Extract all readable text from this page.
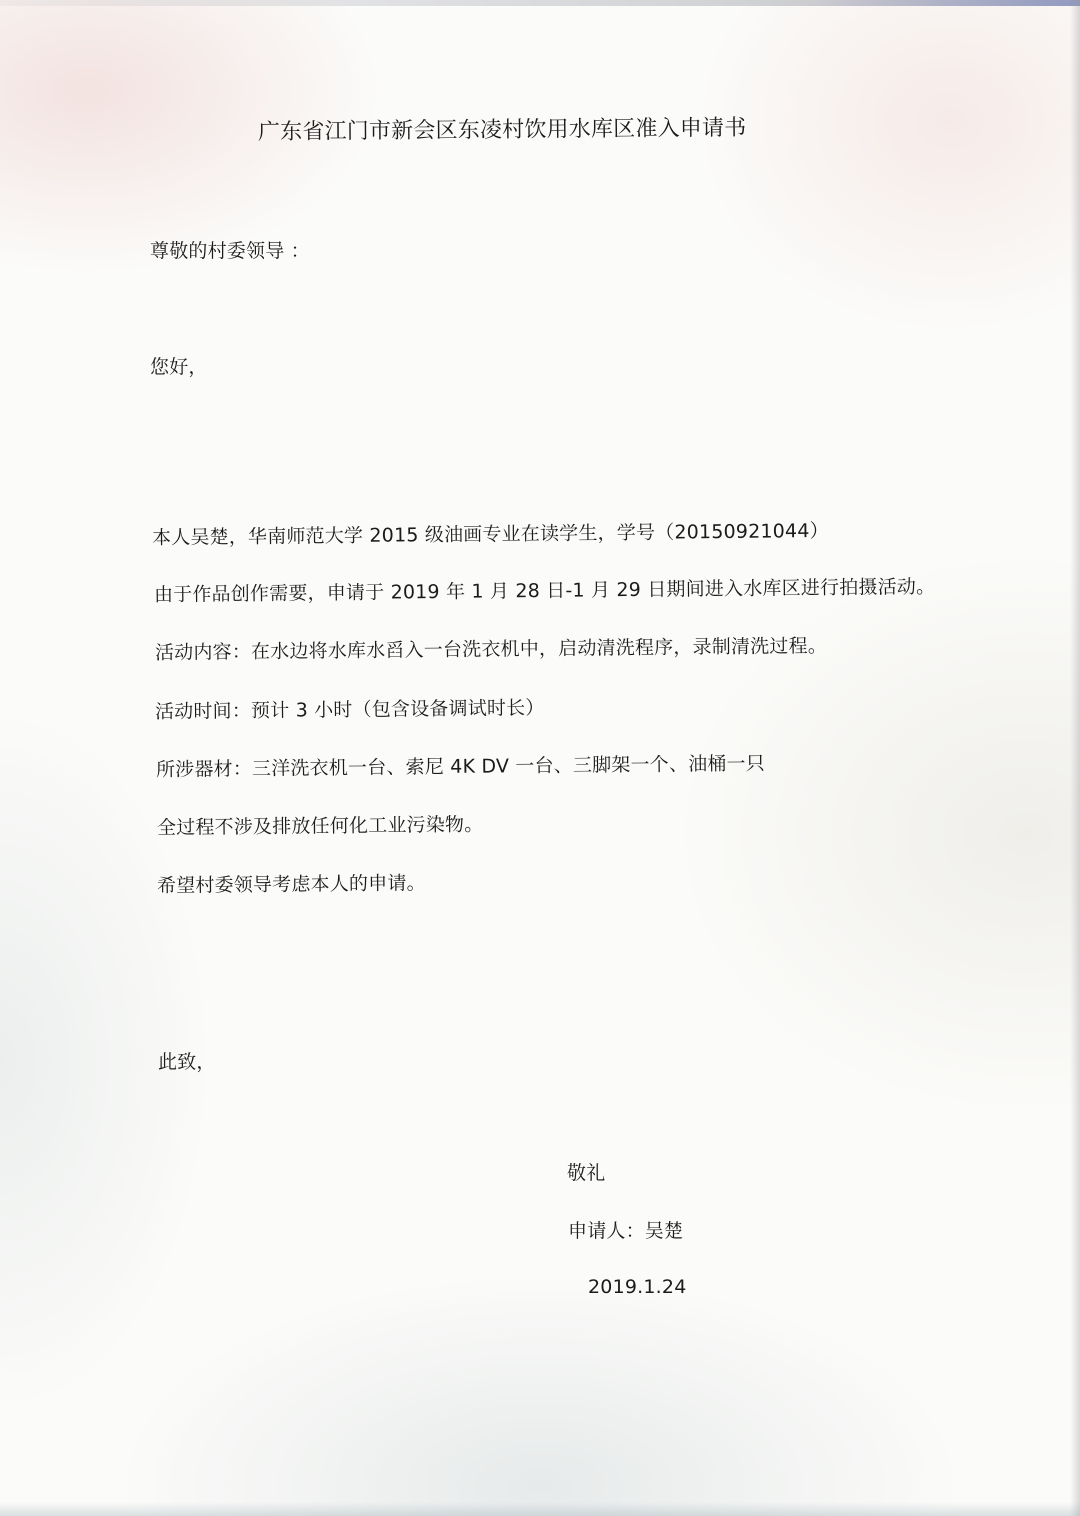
广东省江门市新会区东凌村饮用水库区准入申请书
尊敬的村委领导 ：
您好，
本人吴楚，华南师范大学 2015 级油画专业在读学生，学号（20150921044）
由于作品创作需要，申请于 2019 年 1 月 28 日-1 月 29 日期间进入水库区进行拍摄活动。
活动内容：在水边将水库水舀入一台洗衣机中，启动清洗程序，录制清洗过程。
活动时间：预计 3 小时（包含设备调试时长）
所涉器材：三洋洗衣机一台、索尼 4K DV 一台、三脚架一个、油桶一只
全过程不涉及排放任何化工业污染物。
希望村委领导考虑本人的申请。
此致，
敬礼
申请人：吴楚
2019.1.24
